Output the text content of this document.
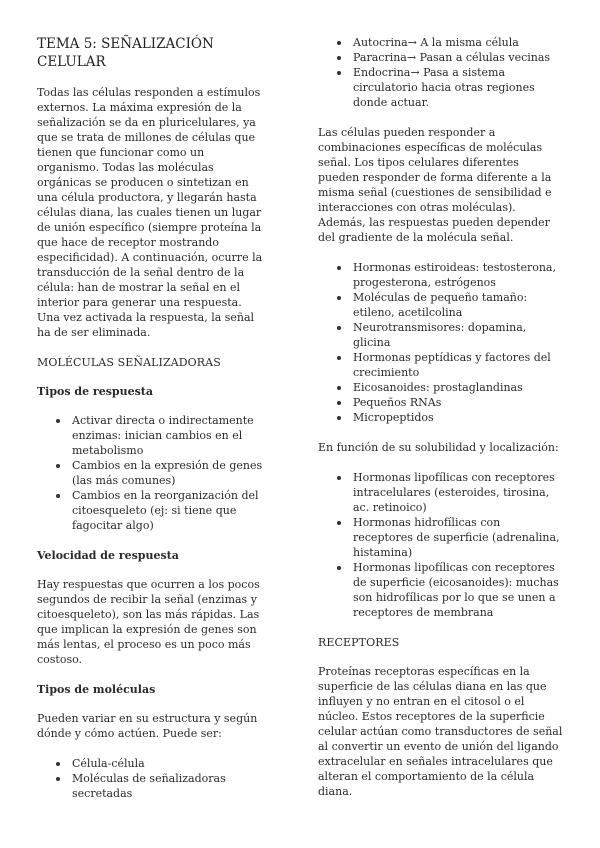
TEMA 5: SEÑALIZACIÓN CELULAR

Todas las células responden a estímulos externos. La máxima expresión de la señalización se da en pluricelulares, ya que se trata de millones de células que tienen que funcionar como un organismo. Todas las moléculas orgánicas se producen o sintetizan en una célula productora, y llegarán hasta células diana, las cuales tienen un lugar de unión específico (siempre proteína la que hace de receptor mostrando especificidad). A continuación, ocurre la transducción de la señal dentro de la célula: han de mostrar la señal en el interior para generar una respuesta. Una vez activada la respuesta, la señal ha de ser eliminada.

MOLÉCULAS SEÑALIZADORAS
Tipos de respuesta
Activar directa o indirectamente enzimas: inician cambios en el metabolismo
Cambios en la expresión de genes (las más comunes)
Cambios en la reorganización del citoesqueleto (ej: si tiene que fagocitar algo)
Velocidad de respuesta

Hay respuestas que ocurren a los pocos segundos de recibir la señal (enzimas y citoesqueleto), son las más rápidas. Las que implican la expresión de genes son más lentas, el proceso es un poco más costoso.

Tipos de moléculas

Pueden variar en su estructura y según dónde y cómo actúen. Puede ser:

Célula-célula
Moléculas de señalizadoras secretadas
Autocrina→ A la misma célula
Paracrina→ Pasan a células vecinas
Endocrina→ Pasa a sistema circulatorio hacia otras regiones donde actuar.

Las células pueden responder a combinaciones específicas de moléculas señal. Los tipos celulares diferentes pueden responder de forma diferente a la misma señal (cuestiones de sensibilidad e interacciones con otras moléculas). Además, las respuestas pueden depender del gradiente de la molécula señal.

Hormonas estiroideas: testosterona, progesterona, estrógenos
Moléculas de pequeño tamaño: etileno, acetilcolina
Neurotransmisores: dopamina, glicina
Hormonas peptídicas y factores del crecimiento
Eicosanoides: prostaglandinas
Pequeños RNAs
Micropeptidos

En función de su solubilidad y localización:

Hormonas lipofílicas con receptores intracelulares (esteroides, tirosina, ac. retinoico)
Hormonas hidrofílicas con receptores de superficie (adrenalina, histamina)
Hormonas lipofílicas con receptores de superficie (eicosanoides): muchas son hidrofílicas por lo que se unen a receptores de membrana
RECEPTORES

Proteínas receptoras específicas en la superficie de las células diana en las que influyen y no entran en el citosol o el núcleo. Estos receptores de la superficie celular actúan como transductores de señal al convertir un evento de unión del ligando extracelular en señales intracelulares que alteran el comportamiento de la célula diana.
